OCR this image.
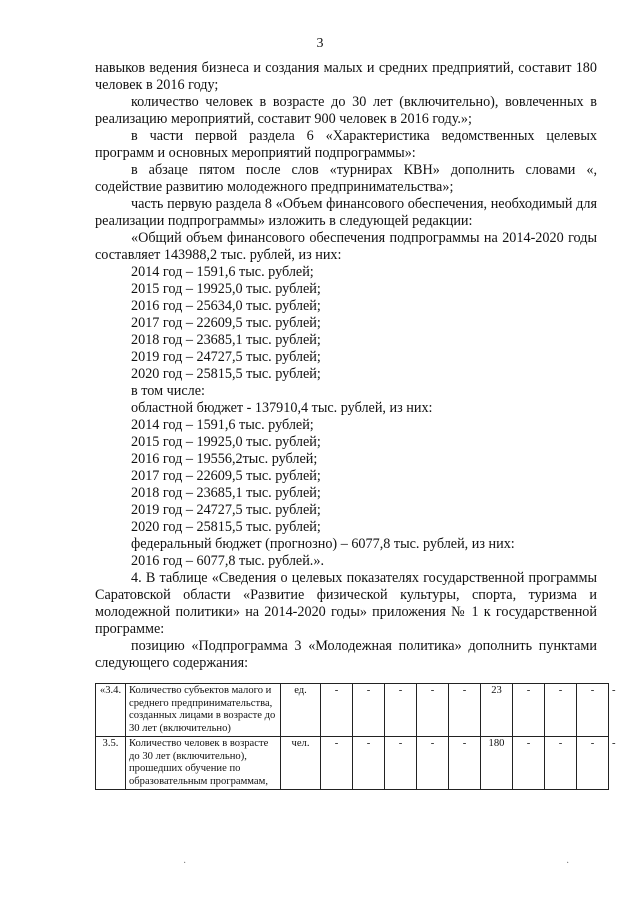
3

навыков ведения бизнеса и создания малых и средних предприятий, составит 180 человек в 2016 году;

количество человек в возрасте до 30 лет (включительно), вовлеченных в реализацию мероприятий, составит 900 человек в 2016 году.»;

в части первой раздела 6 «Характеристика ведомственных целевых программ и основных мероприятий подпрограммы»:

в абзаце пятом после слов «турнирах КВН» дополнить словами «, содействие развитию молодежного предпринимательства»;

часть первую раздела 8 «Объем финансового обеспечения, необходимый для реализации подпрограммы» изложить в следующей редакции:

«Общий объем финансового обеспечения подпрограммы на 2014-2020 годы составляет 143988,2 тыс. рублей, из них:

2014 год – 1591,6 тыс. рублей;

2015 год – 19925,0 тыс. рублей;

2016 год – 25634,0 тыс. рублей;

2017 год – 22609,5 тыс. рублей;

2018 год – 23685,1 тыс. рублей;

2019 год – 24727,5 тыс. рублей;

2020 год – 25815,5 тыс. рублей;

в том числе:

областной бюджет - 137910,4 тыс. рублей, из них:

2014 год – 1591,6 тыс. рублей;

2015 год – 19925,0 тыс. рублей;

2016 год – 19556,2тыс. рублей;

2017 год – 22609,5 тыс. рублей;

2018 год – 23685,1 тыс. рублей;

2019 год – 24727,5 тыс. рублей;

2020 год – 25815,5 тыс. рублей;

федеральный бюджет (прогнозно) – 6077,8 тыс. рублей, из них:

2016 год – 6077,8 тыс. рублей.».

4. В таблице «Сведения о целевых показателях государственной программы Саратовской области «Развитие физической культуры, спорта, туризма и молодежной политики» на 2014-2020 годы» приложения № 1 к государственной программе:

позицию «Подпрограмма 3 «Молодежная политика» дополнить пунктами следующего содержания:

«3.4.	Количество субъектов малого и среднего предпринимательства, созданных лицами в возрасте до 30 лет (включительно)	ед.	-	-	-	-	-	23	-	-	-	-
3.5.	Количество человек в возрасте до 30 лет (включительно), прошедших обучение по образовательным программам,	чел.	-	-	-	-	-	180	-	-	-	-
·	·
